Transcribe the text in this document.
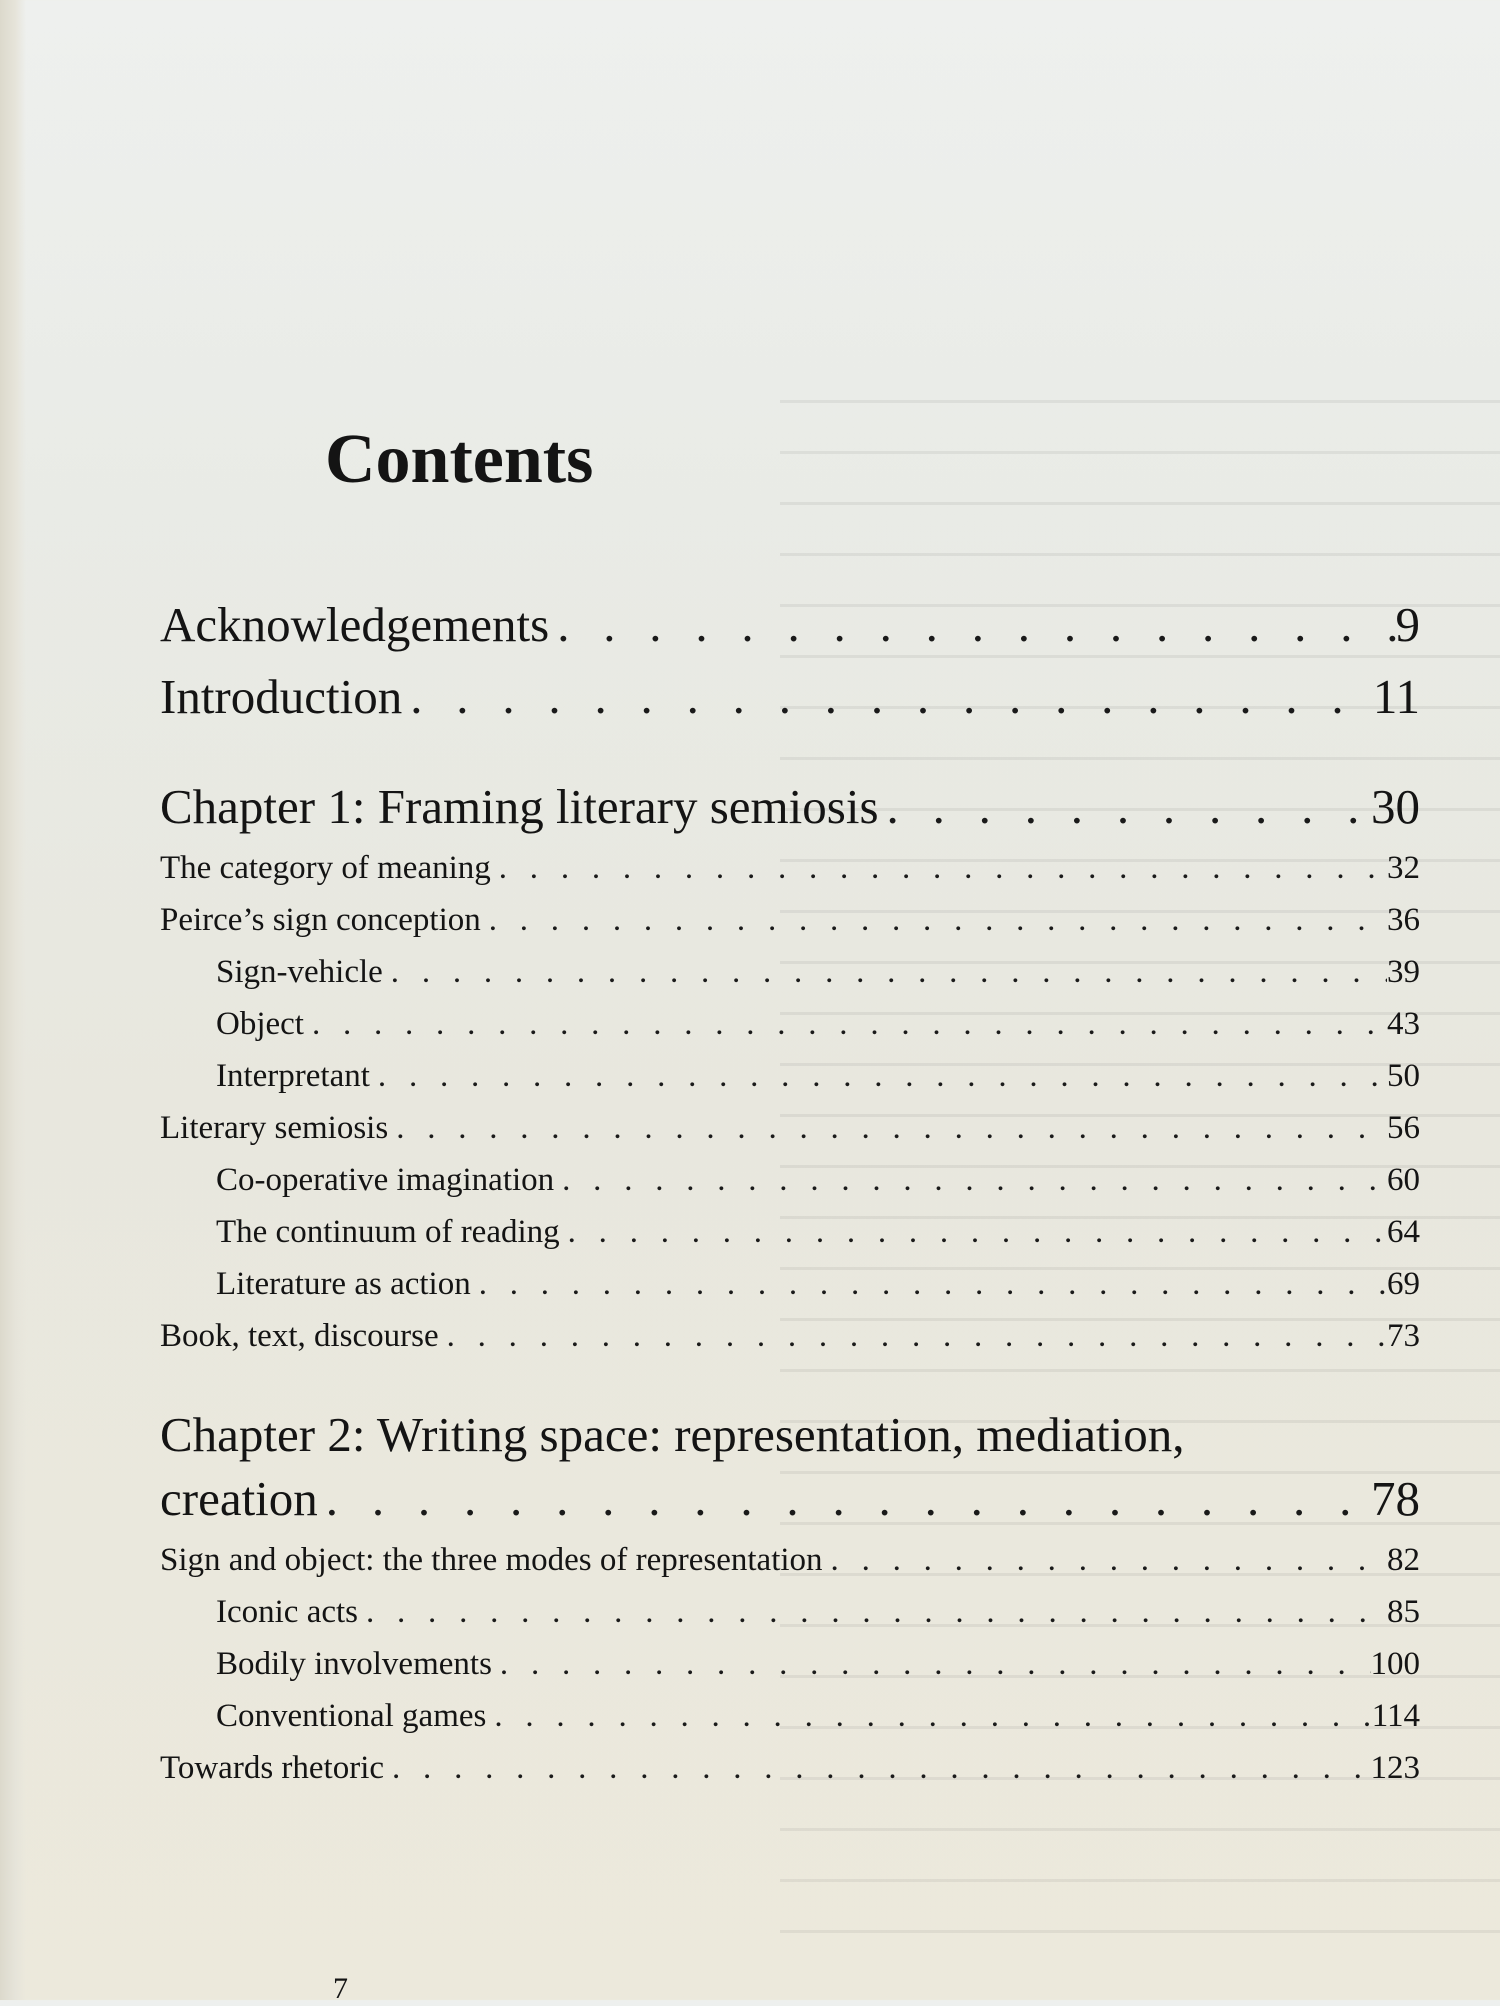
Contents
Acknowledgements . . .	9
Introduction . . .	11
Chapter 1: Framing literary semiosis . . .	30
The category of meaning . . .	32
Peirce’s sign conception . . .	36
Sign-vehicle . . .	39
Object . . .	43
Interpretant . . .	50
Literary semiosis . . .	56
Co-operative imagination . . .	60
The continuum of reading . . .	64
Literature as action . . .	69
Book, text, discourse . . .	73
Chapter 2: Writing space: representation, mediation,
creation . . .	78
Sign and object: the three modes of representation . . .	82
Iconic acts . . .	85
Bodily involvements . . .	100
Conventional games . . .	114
Towards rhetoric . . .	123
7
